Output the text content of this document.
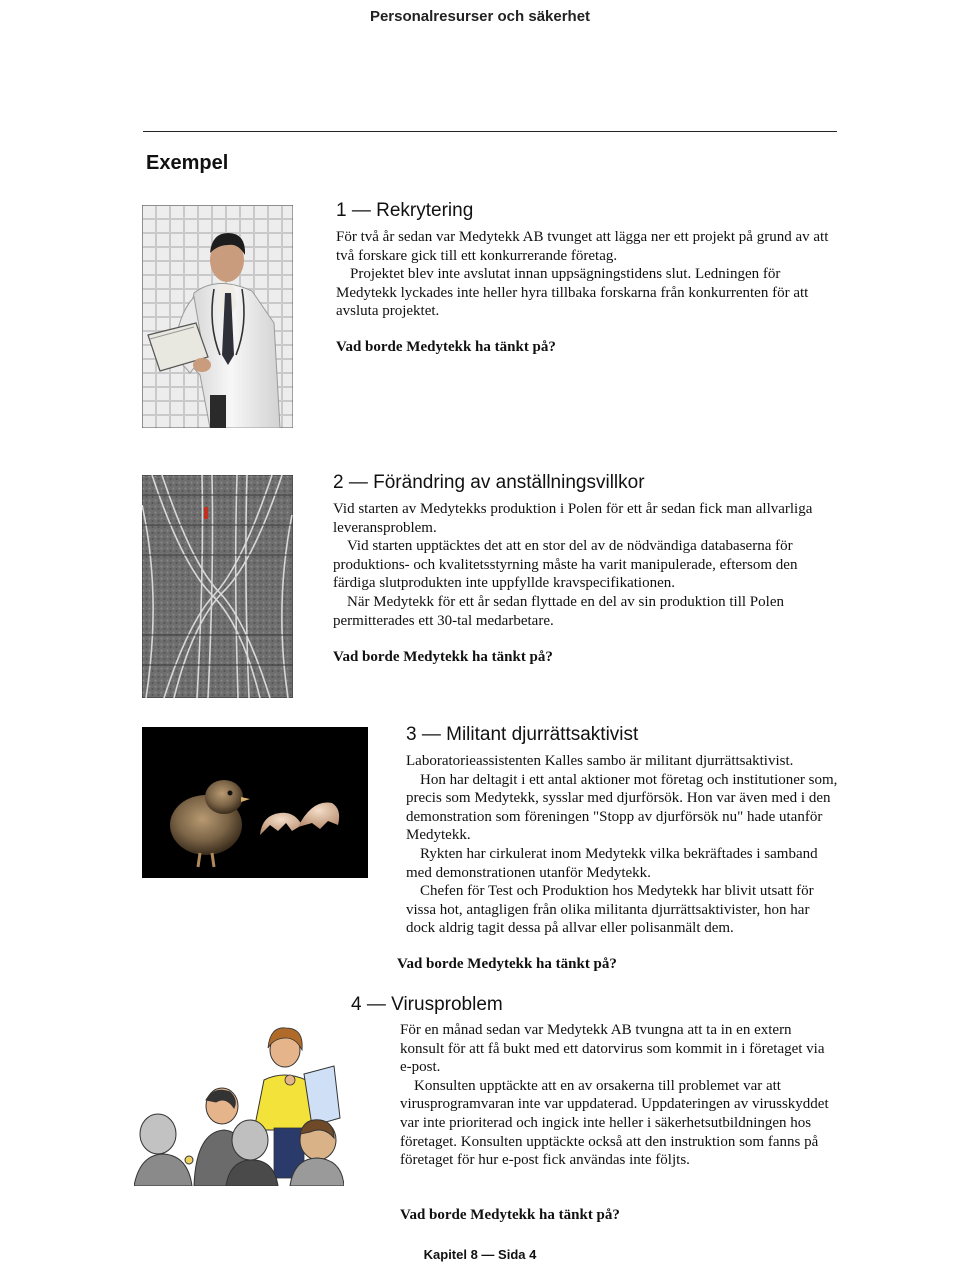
Personalresurser och säkerhet
Exempel
1 — Rekrytering

För två år sedan var Medytekk AB tvunget att lägga ner ett projekt på grund av att två forskare gick till ett konkurrerande företag.

Projektet blev inte avslutat innan uppsägningstidens slut. Ledningen för Medytekk lyckades inte heller hyra tillbaka forskarna från konkurrenten för att avsluta projektet.

Vad borde Medytekk ha tänkt på?
2 — Förändring av anställningsvillkor

Vid starten av Medytekks produktion i Polen för ett år sedan fick man allvarliga leveransproblem.

Vid starten upptäcktes det att en stor del av de nödvändiga databaserna för produktions- och kvalitetsstyrning måste ha varit manipulerade, eftersom den färdiga slutprodukten inte uppfyllde kravspecifikationen.

När Medytekk för ett år sedan flyttade en del av sin produktion till Polen permitterades ett 30-tal medarbetare.

Vad borde Medytekk ha tänkt på?
3 — Militant djurrättsaktivist

Laboratorieassistenten Kalles sambo är militant djurrättsaktivist.

Hon har deltagit i ett antal aktioner mot företag och institutioner som, precis som Medytekk, sysslar med djurförsök. Hon var även med i den demonstration som föreningen "Stopp av djurförsök nu" hade utanför Medytekk.

Rykten har cirkulerat inom Medytekk vilka bekräftades i samband med demonstrationen utanför Medytekk.

Chefen för Test och Produktion hos Medytekk har blivit utsatt för vissa hot, antagligen från olika militanta djurrättsaktivister, hon har dock aldrig tagit dessa på allvar eller polisanmält dem.

Vad borde Medytekk ha tänkt på?
4 — Virusproblem

För en månad sedan var Medytekk AB tvungna att ta in en extern konsult för att få bukt med ett datorvirus som kommit in i företaget via e-post.

Konsulten upptäckte att en av orsakerna till problemet var att virusprogramvaran inte var uppdaterad. Uppdateringen av virusskyddet var inte prioriterad och ingick inte heller i säkerhetsutbildningen hos företaget. Konsulten upptäckte också att den instruktion som fanns på företaget för hur e-post fick användas inte följts.

Vad borde Medytekk ha tänkt på?
Kapitel 8 — Sida 4
